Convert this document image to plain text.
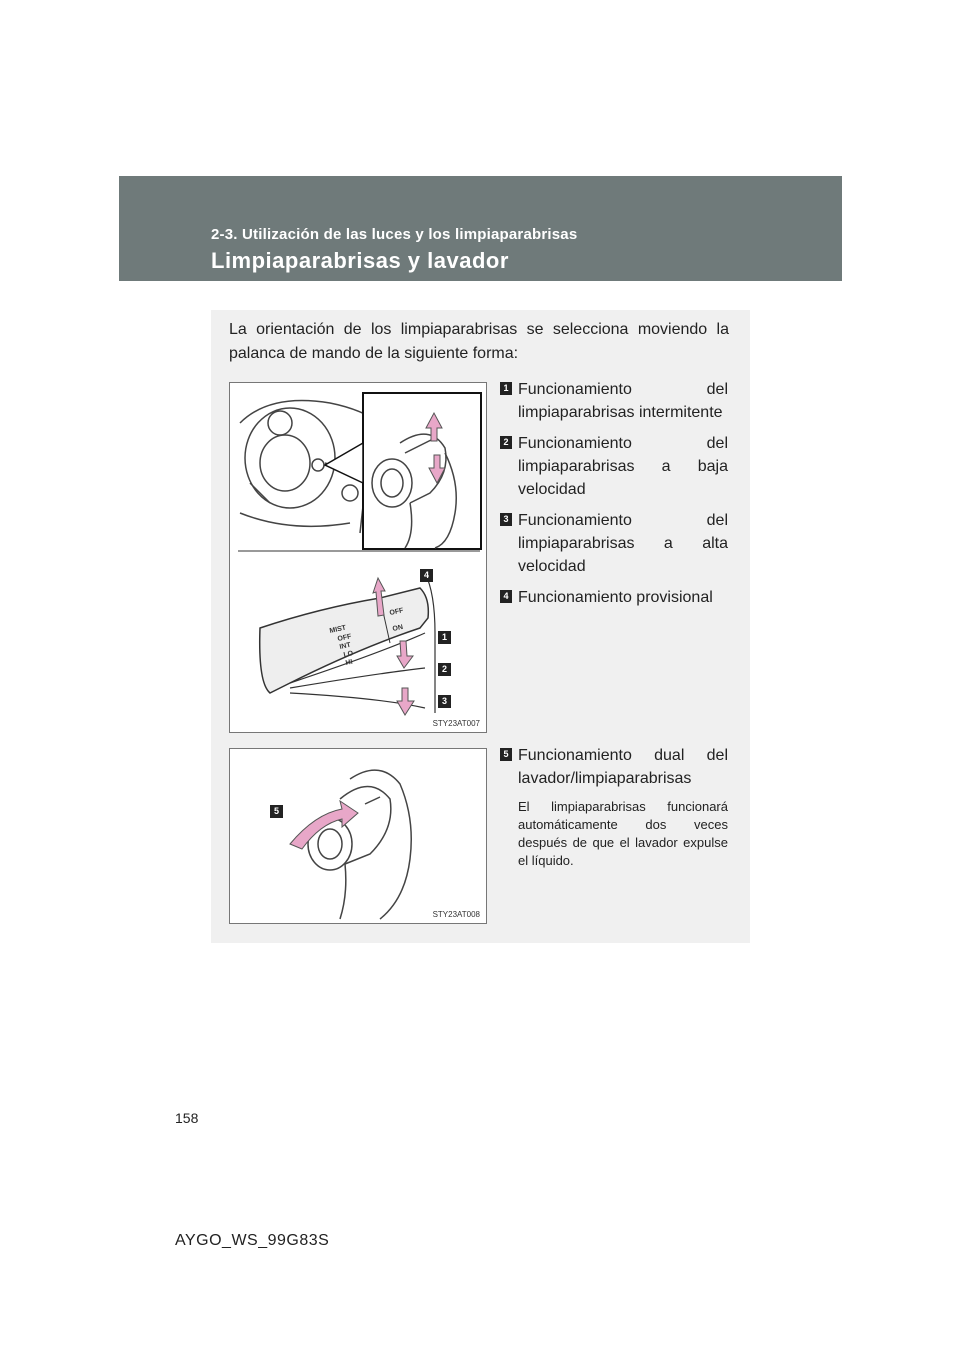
2-3. Utilización de las luces y los limpiaparabrisas
Limpiaparabrisas y lavador
La orientación de los limpiaparabrisas se selecciona moviendo la palanca de mando de la siguiente forma:
MIST
OFF
INT
LO
HI
OFF
ON
4
1
2
3
STY23AT007
1 Funcionamiento del limpiaparabrisas intermitente
2 Funcionamiento del limpiaparabrisas a baja velocidad
3 Funcionamiento del limpiaparabrisas a alta velocidad
4 Funcionamiento provisional
5
STY23AT008
5 Funcionamiento dual del lavador/limpiaparabrisas
El limpiaparabrisas funcionará automáticamente dos veces después de que el lavador expulse el líquido.
158
AYGO_WS_99G83S
